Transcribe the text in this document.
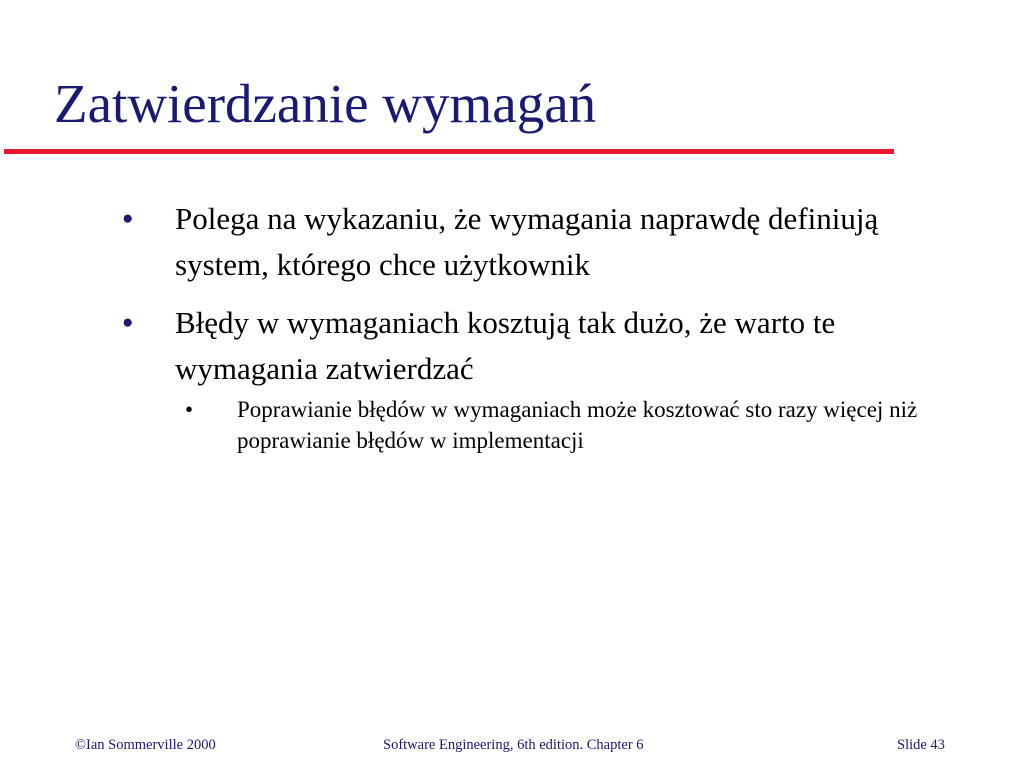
Zatwierdzanie wymagań
● Polega na wykazaniu, że wymagania naprawdę definiują system, którego chce użytkownik
● Błędy w wymaganiach kosztują tak dużo, że warto te wymagania zatwierdzać
• Poprawianie błędów w wymaganiach może kosztować sto razy więcej niż poprawianie błędów w implementacji
©Ian Sommerville 2000	Software Engineering, 6th edition. Chapter 6	Slide 43
